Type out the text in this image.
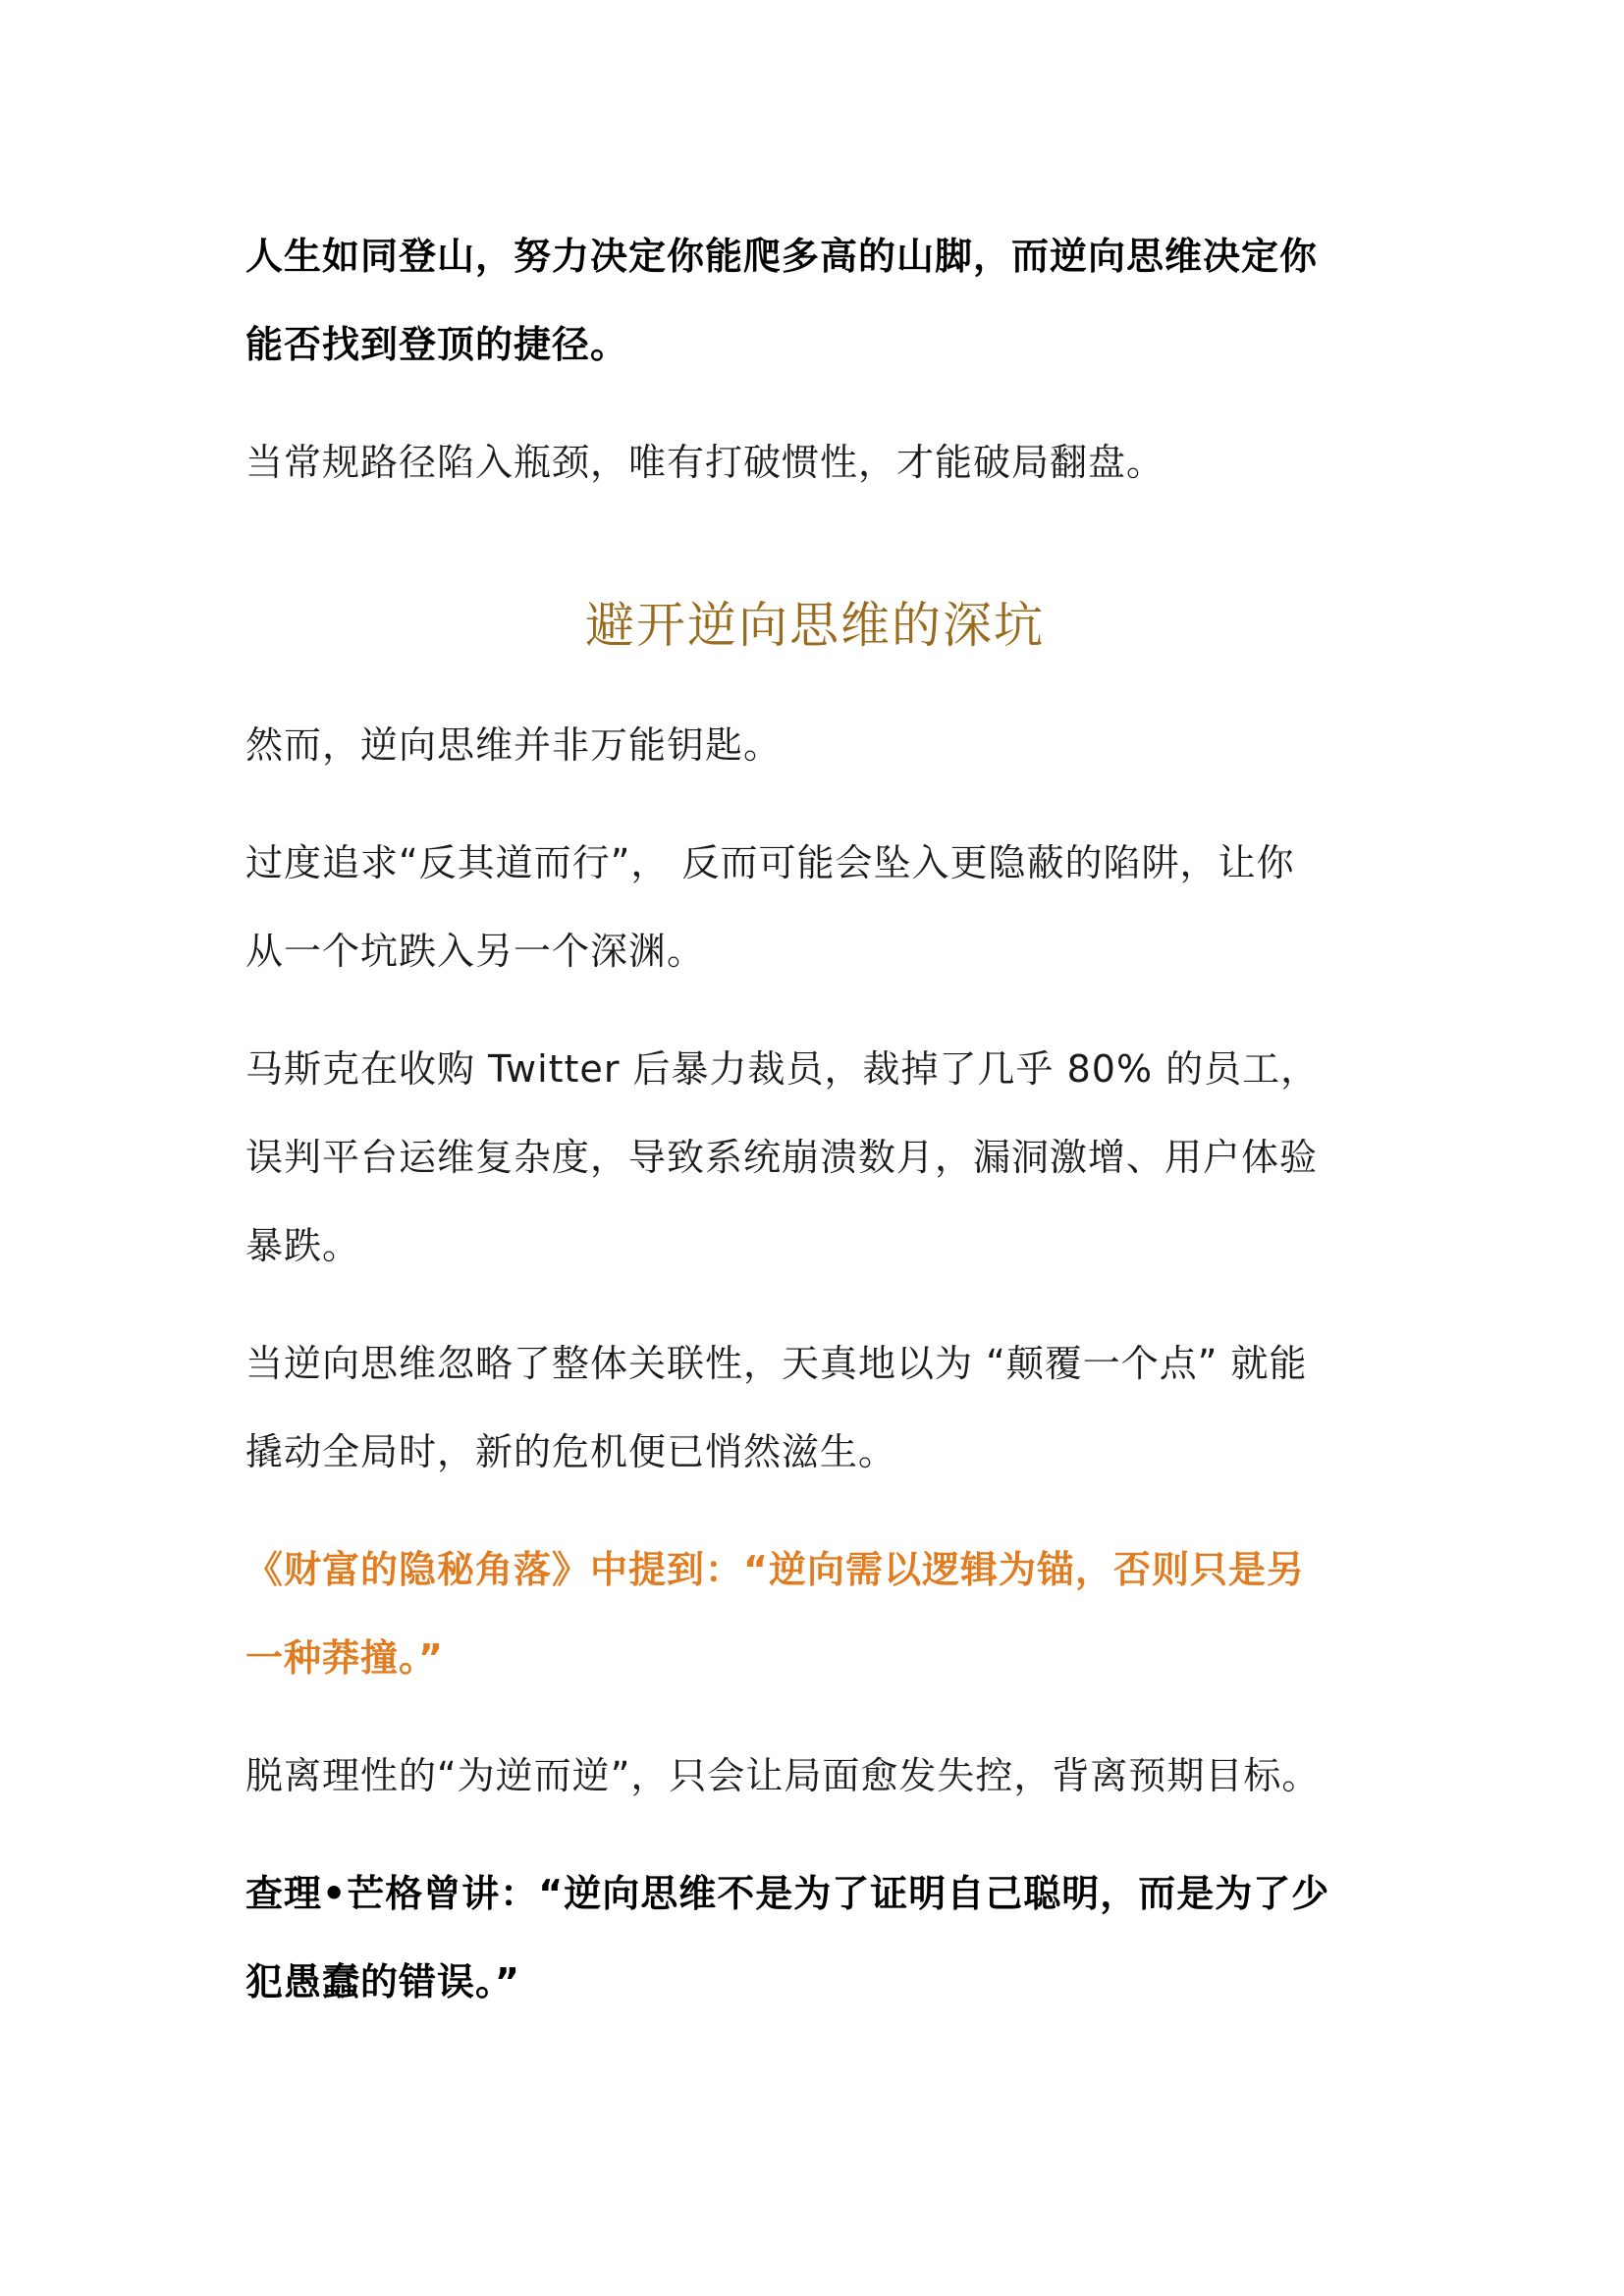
人生如同登山，努力决定你能爬多高的山脚，而逆向思维决定你
能否找到登顶的捷径。

当常规路径陷入瓶颈，唯有打破惯性，才能破局翻盘。

避开逆向思维的深坑

然而，逆向思维并非万能钥匙。

过度追求“反其道而行”， 反而可能会坠入更隐蔽的陷阱，让你
从一个坑跌入另一个深渊。

马斯克在收购 Twitter 后暴力裁员，裁掉了几乎 80% 的员工，
误判平台运维复杂度，导致系统崩溃数月，漏洞激增、用户体验
暴跌。

当逆向思维忽略了整体关联性，天真地以为 “颠覆一个点” 就能
撬动全局时，新的危机便已悄然滋生。

《财富的隐秘角落》中提到：“逆向需以逻辑为锚，否则只是另
一种莽撞。”

脱离理性的“为逆而逆”，只会让局面愈发失控，背离预期目标。

查理•芒格曾讲：“逆向思维不是为了证明自己聪明，而是为了少
犯愚蠢的错误。”
